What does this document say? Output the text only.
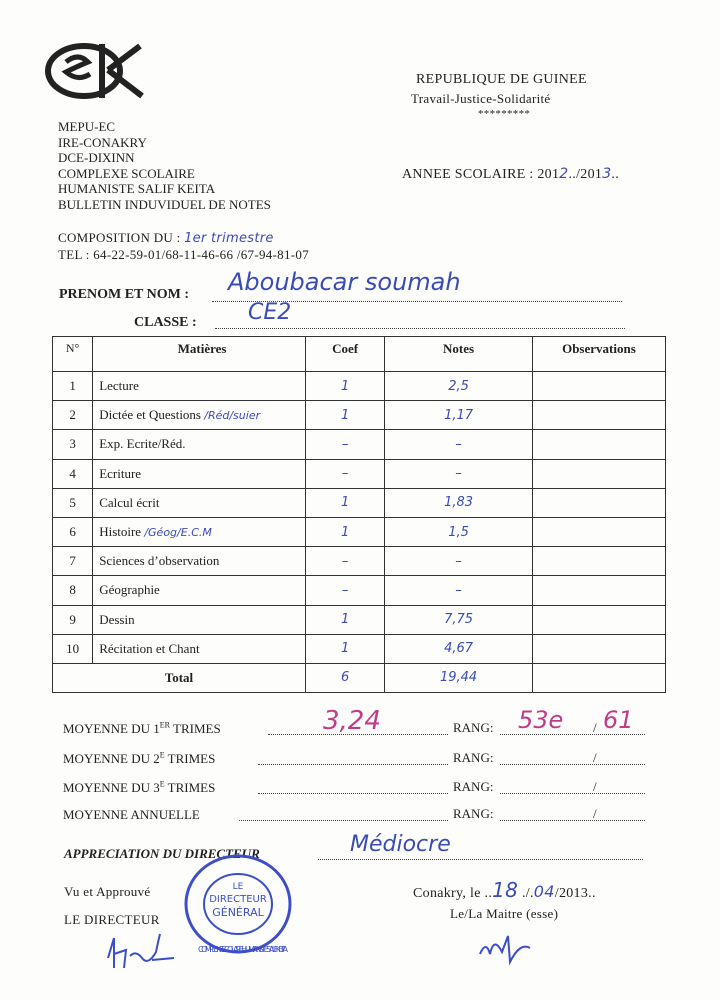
REPUBLIQUE DE GUINEE
Travail-Justice-Solidarité
*********
MEPU-EC
IRE-CONAKRY
DCE-DIXINN
COMPLEXE SCOLAIRE
HUMANISTE SALIF KEITA
BULLETIN INDUVIDUEL DE NOTES
COMPOSITION DU : 1er trimestre
TEL : 64-22-59-01/68-11-46-66 /67-94-81-07
ANNEE SCOLAIRE : 2012../2013..
PRENOM ET NOM : Aboubacar soumah
CLASSE : CE2
N°	Matières	Coef	Notes	Observations
1	Lecture	1	2,5	
2	Dictée et Questions /Réd/suier	1	1,17	
3	Exp. Ecrite/Réd.	–	–	
4	Ecriture	–	–	
5	Calcul écrit	1	1,83	
6	Histoire /Géog/E.C.M	1	1,5	
7	Sciences d’observation	–	–	
8	Géographie	–	–	
9	Dessin	1	7,75	
10	Récitation et Chant	1	4,67	
Total		6	19,44	
MOYENNE DU 1ER TRIMES	3,24	RANG: 53e / 61
MOYENNE DU $2^E$ TRIMES	RANG:	/
MOYENNE DU $3^E$ TRIMES	RANG:	/
MOYENNE ANNUELLE	RANG:	/
APPRECIATION DU DIRECTEUR	Médiocre
Vu et Approuvé
LE DIRECTEUR
LE
DIRECTEUR
GÉNÉRAL
COMPLEXE SCOLAIRE HUMANISTE SALIF KEITA
Conakry, le ..18 ./.04/2013..
Le/La Maitre (esse)
